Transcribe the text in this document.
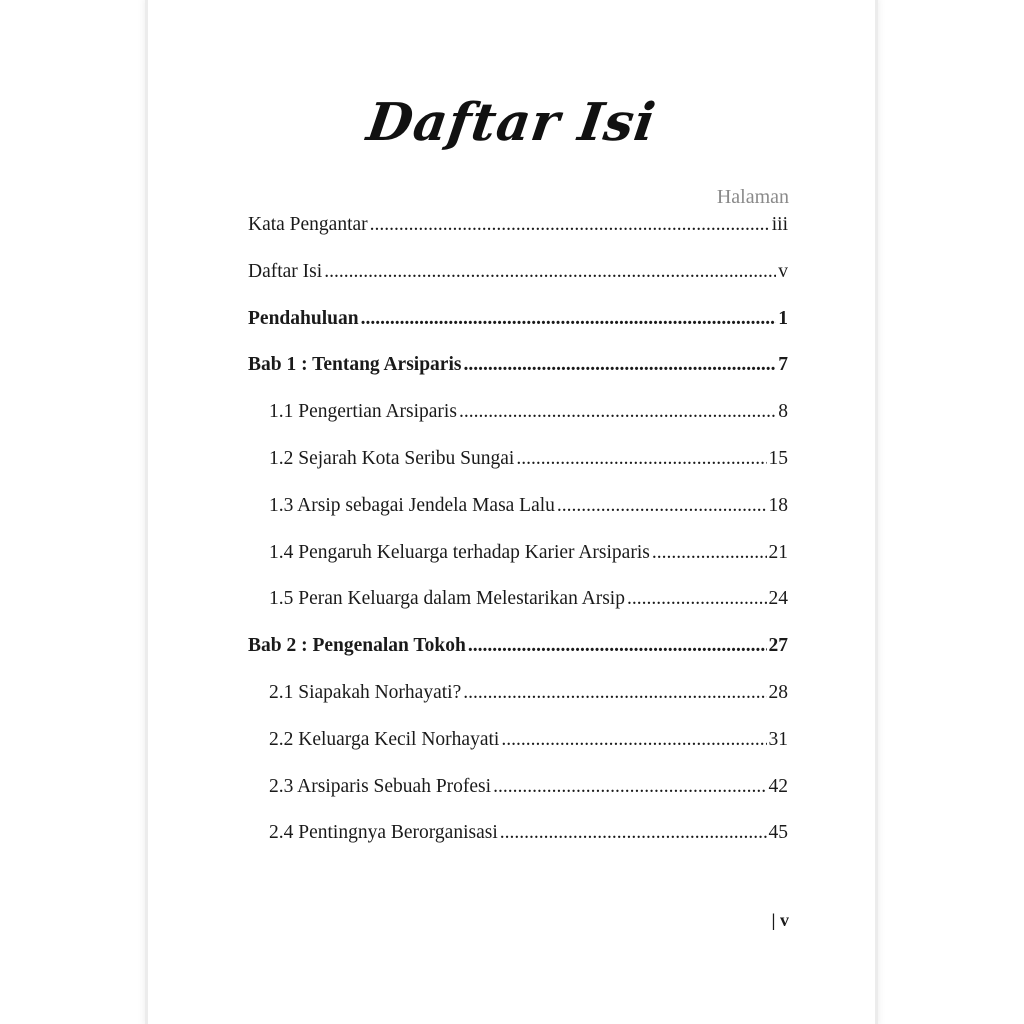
Daftar Isi
Halaman
Kata Pengantar .....	iii
Daftar Isi .....	v
Pendahuluan .....	1
Bab 1 : Tentang Arsiparis .....	7
1.1 Pengertian Arsiparis .....	8
1.2 Sejarah Kota Seribu Sungai .....	15
1.3 Arsip sebagai Jendela Masa Lalu .....	18
1.4 Pengaruh Keluarga terhadap Karier Arsiparis .....	21
1.5 Peran Keluarga dalam Melestarikan Arsip .....	24
Bab 2 : Pengenalan Tokoh .....	27
2.1 Siapakah Norhayati? .....	28
2.2 Keluarga Kecil Norhayati .....	31
2.3 Arsiparis Sebuah Profesi .....	42
2.4 Pentingnya Berorganisasi .....	45
| v
